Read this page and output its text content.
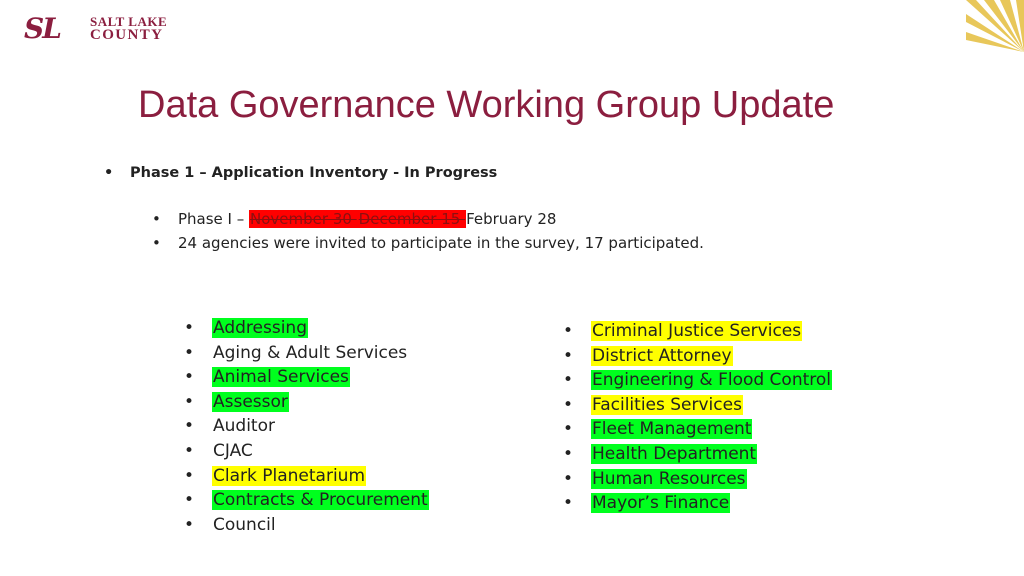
SL SALT LAKE
COUNTY
Data Governance Working Group Update
• Phase 1 – Application Inventory - In Progress
• Phase I – November 30 December 15 February 28
• 24 agencies were invited to participate in the survey, 17 participated.
• Addressing
• Aging & Adult Services
• Animal Services
• Assessor
• Auditor
• CJAC
• Clark Planetarium
• Contracts & Procurement
• Council
• Criminal Justice Services
• District Attorney
• Engineering & Flood Control
• Facilities Services
• Fleet Management
• Health Department
• Human Resources
• Mayor’s Finance
